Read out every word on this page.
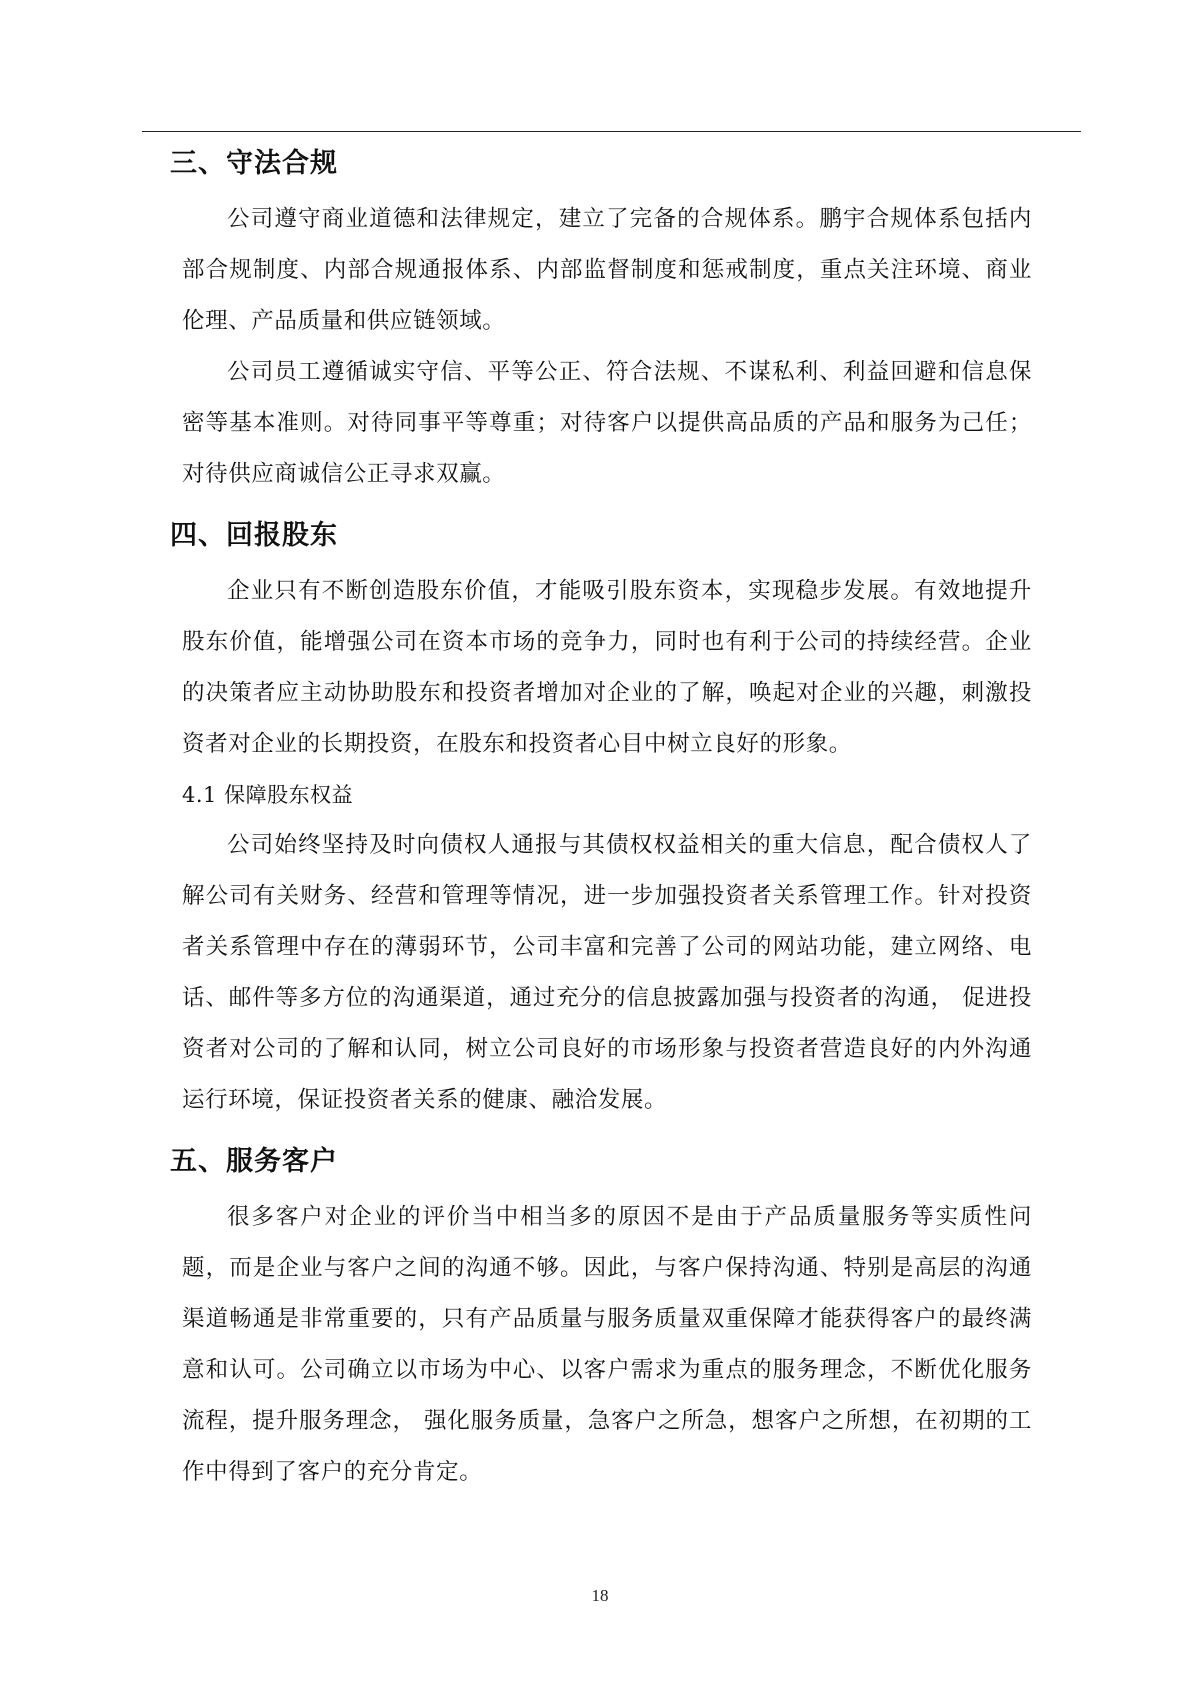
三、守法合规

公司遵守商业道德和法律规定，建立了完备的合规体系。鹏宇合规体系包括内部合规制度、内部合规通报体系、内部监督制度和惩戒制度，重点关注环境、商业伦理、产品质量和供应链领域。

公司员工遵循诚实守信、平等公正、符合法规、不谋私利、利益回避和信息保密等基本准则。对待同事平等尊重；对待客户以提供高品质的产品和服务为己任；对待供应商诚信公正寻求双赢。

四、回报股东

企业只有不断创造股东价值，才能吸引股东资本，实现稳步发展。有效地提升股东价值，能增强公司在资本市场的竞争力，同时也有利于公司的持续经营。企业的决策者应主动协助股东和投资者增加对企业的了解，唤起对企业的兴趣，刺激投资者对企业的长期投资，在股东和投资者心目中树立良好的形象。

4.1 保障股东权益

公司始终坚持及时向债权人通报与其债权权益相关的重大信息，配合债权人了解公司有关财务、经营和管理等情况，进一步加强投资者关系管理工作。针对投资者关系管理中存在的薄弱环节，公司丰富和完善了公司的网站功能，建立网络、电话、邮件等多方位的沟通渠道，通过充分的信息披露加强与投资者的沟通， 促进投资者对公司的了解和认同，树立公司良好的市场形象与投资者营造良好的内外沟通运行环境，保证投资者关系的健康、融洽发展。

五、服务客户

很多客户对企业的评价当中相当多的原因不是由于产品质量服务等实质性问题，而是企业与客户之间的沟通不够。因此，与客户保持沟通、特别是高层的沟通渠道畅通是非常重要的，只有产品质量与服务质量双重保障才能获得客户的最终满意和认可。公司确立以市场为中心、以客户需求为重点的服务理念，不断优化服务流程，提升服务理念， 强化服务质量，急客户之所急，想客户之所想，在初期的工作中得到了客户的充分肯定。

18
